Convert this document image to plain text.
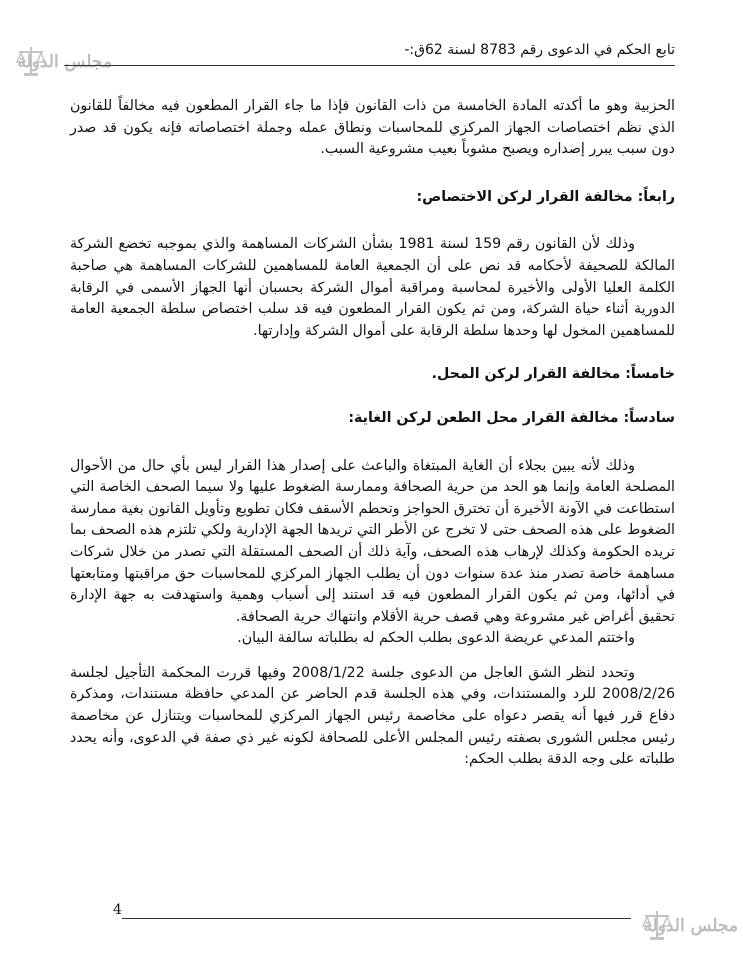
مجلس الدولة
تابع الحكم في الدعوى رقم 8783 لسنة 62ق:-

الحزبية وهو ما أكدته المادة الخامسة من ذات القانون فإذا ما جاء القرار المطعون فيه مخالفاً للقانون الذي نظم اختصاصات الجهاز المركزي للمحاسبات ونطاق عمله وجملة اختصاصاته فإنه يكون قد صدر دون سبب يبرر إصداره ويصبح مشوباً بعيب مشروعية السبب.

رابعاً: مخالفة القرار لركن الاختصاص:

وذلك لأن القانون رقم 159 لسنة 1981 بشأن الشركات المساهمة والذي بموجبه تخضع الشركة المالكة للصحيفة لأحكامه قد نص على أن الجمعية العامة للمساهمين للشركات المساهمة هي صاحبة الكلمة العليا الأولى والأخيرة لمحاسبة ومراقبة أموال الشركة بحسبان أنها الجهاز الأسمى في الرقابة الدورية أثناء حياة الشركة، ومن ثم يكون القرار المطعون فيه قد سلب اختصاص سلطة الجمعية العامة للمساهمين المخول لها وحدها سلطة الرقابة على أموال الشركة وإدارتها.

خامساً: مخالفة القرار لركن المحل.

سادساً: مخالفة القرار محل الطعن لركن الغاية:

وذلك لأنه يبين بجلاء أن الغاية المبتغاة والباعث على إصدار هذا القرار ليس بأي حال من الأحوال المصلحة العامة وإنما هو الحد من حرية الصحافة وممارسة الضغوط عليها ولا سيما الصحف الخاصة التي استطاعت في الآونة الأخيرة أن تخترق الحواجز وتحطم الأسقف فكان تطويع وتأويل القانون بغية ممارسة الضغوط على هذه الصحف حتى لا تخرج عن الأطر التي تريدها الجهة الإدارية ولكي تلتزم هذه الصحف بما تريده الحكومة وكذلك لإرهاب هذه الصحف، وآية ذلك أن الصحف المستقلة التي تصدر من خلال شركات مساهمة خاصة تصدر منذ عدة سنوات دون أن يطلب الجهاز المركزي للمحاسبات حق مراقبتها ومتابعتها في أدائها، ومن ثم يكون القرار المطعون فيه قد استند إلى أسباب وهمية واستهدفت به جهة الإدارة تحقيق أغراض غير مشروعة وهي قصف حرية الأقلام وانتهاك حرية الصحافة.

واختتم المدعي عريضة الدعوى بطلب الحكم له بطلباته سالفة البيان.

وتحدد لنظر الشق العاجل من الدعوى جلسة 2008/1/22 وفيها قررت المحكمة التأجيل لجلسة 2008/2/26 للرد والمستندات، وفي هذه الجلسة قدم الحاضر عن المدعي حافظة مستندات، ومذكرة دفاع قرر فيها أنه يقصر دعواه على مخاصمة رئيس الجهاز المركزي للمحاسبات ويتنازل عن مخاصمة رئيس مجلس الشورى بصفته رئيس المجلس الأعلى للصحافة لكونه غير ذي صفة في الدعوى، وأنه يحدد طلباته على وجه الدقة بطلب الحكم:

4
مجلس الدولة
